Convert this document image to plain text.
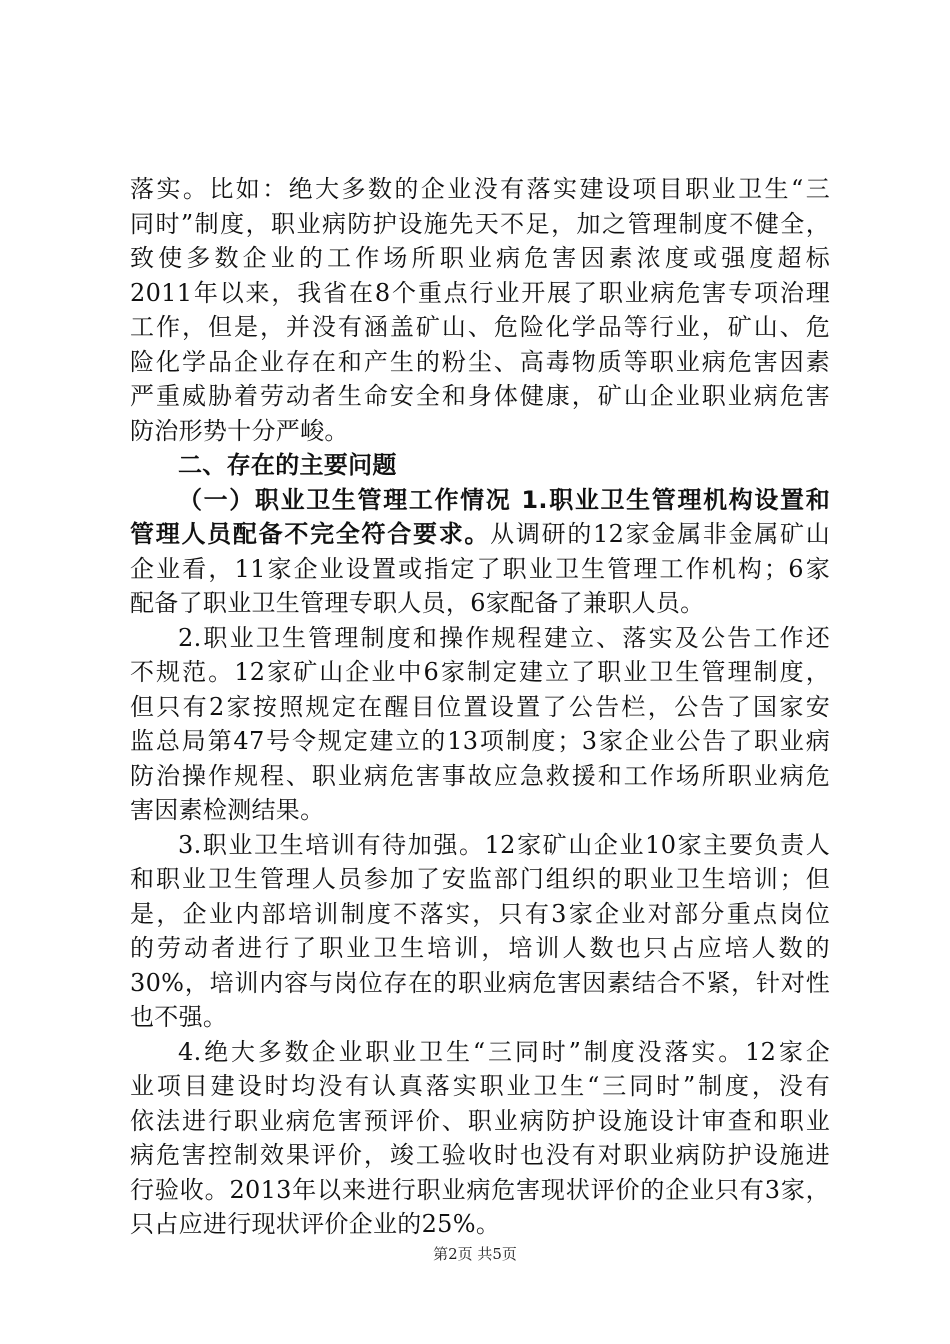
落实。比如：绝大多数的企业没有落实建设项目职业卫生“三
同时”制度，职业病防护设施先天不足，加之管理制度不健全，
致使多数企业的工作场所职业病危害因素浓度或强度超标
2011年以来，我省在8个重点行业开展了职业病危害专项治理
工作，但是，并没有涵盖矿山、危险化学品等行业，矿山、危
险化学品企业存在和产生的粉尘、高毒物质等职业病危害因素
严重威胁着劳动者生命安全和身体健康，矿山企业职业病危害
防治形势十分严峻。
二、存在的主要问题
（一）职业卫生管理工作情况 1.职业卫生管理机构设置和
管理人员配备不完全符合要求。从调研的12家金属非金属矿山
企业看，11家企业设置或指定了职业卫生管理工作机构；6家
配备了职业卫生管理专职人员，6家配备了兼职人员。
2.职业卫生管理制度和操作规程建立、落实及公告工作还
不规范。12家矿山企业中6家制定建立了职业卫生管理制度，
但只有2家按照规定在醒目位置设置了公告栏，公告了国家安
监总局第47号令规定建立的13项制度；3家企业公告了职业病
防治操作规程、职业病危害事故应急救援和工作场所职业病危
害因素检测结果。
3.职业卫生培训有待加强。12家矿山企业10家主要负责人
和职业卫生管理人员参加了安监部门组织的职业卫生培训；但
是，企业内部培训制度不落实，只有3家企业对部分重点岗位
的劳动者进行了职业卫生培训，培训人数也只占应培人数的
30%，培训内容与岗位存在的职业病危害因素结合不紧，针对性
也不强。
4.绝大多数企业职业卫生“三同时”制度没落实。12家企
业项目建设时均没有认真落实职业卫生“三同时”制度，没有
依法进行职业病危害预评价、职业病防护设施设计审查和职业
病危害控制效果评价，竣工验收时也没有对职业病防护设施进
行验收。2013年以来进行职业病危害现状评价的企业只有3家，
只占应进行现状评价企业的25%。
第2页 共5页
